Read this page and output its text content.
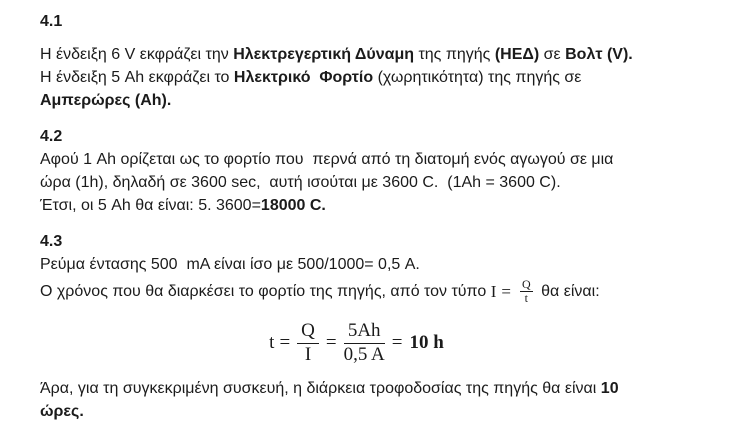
4.1
Η ένδειξη 6 V εκφράζει την Ηλεκτρεγερτική Δύναμη της πηγής (ΗΕΔ) σε Βολτ (V).
Η ένδειξη 5 Ah εκφράζει το Ηλεκτρικό  Φορτίο (χωρητικότητα) της πηγής σε
Αμπερώρες (Ah).
4.2
Αφού 1 Ah ορίζεται ως το φορτίο που  περνά από τη διατομή ενός αγωγού σε μια
ώρα (1h), δηλαδή σε 3600 sec,  αυτή ισούται με 3600 C.  (1Ah = 3600 C).
Έτσι, οι 5 Ah θα είναι: 5. 3600=18000 C.
4.3
Ρεύμα έντασης 500  mA είναι ίσο με 500/1000= 0,5 A.
Ο χρόνος που θα διαρκέσει το φορτίο της πηγής, από τον τύπο $I = \frac{Q}{t}$ θα είναι:
$t = \frac{Q}{I} = \frac{5Ah}{0,5 A} = 10$ h
Άρα, για τη συγκεκριμένη συσκευή, η διάρκεια τροφοδοσίας της πηγής θα είναι 10
ώρες.
